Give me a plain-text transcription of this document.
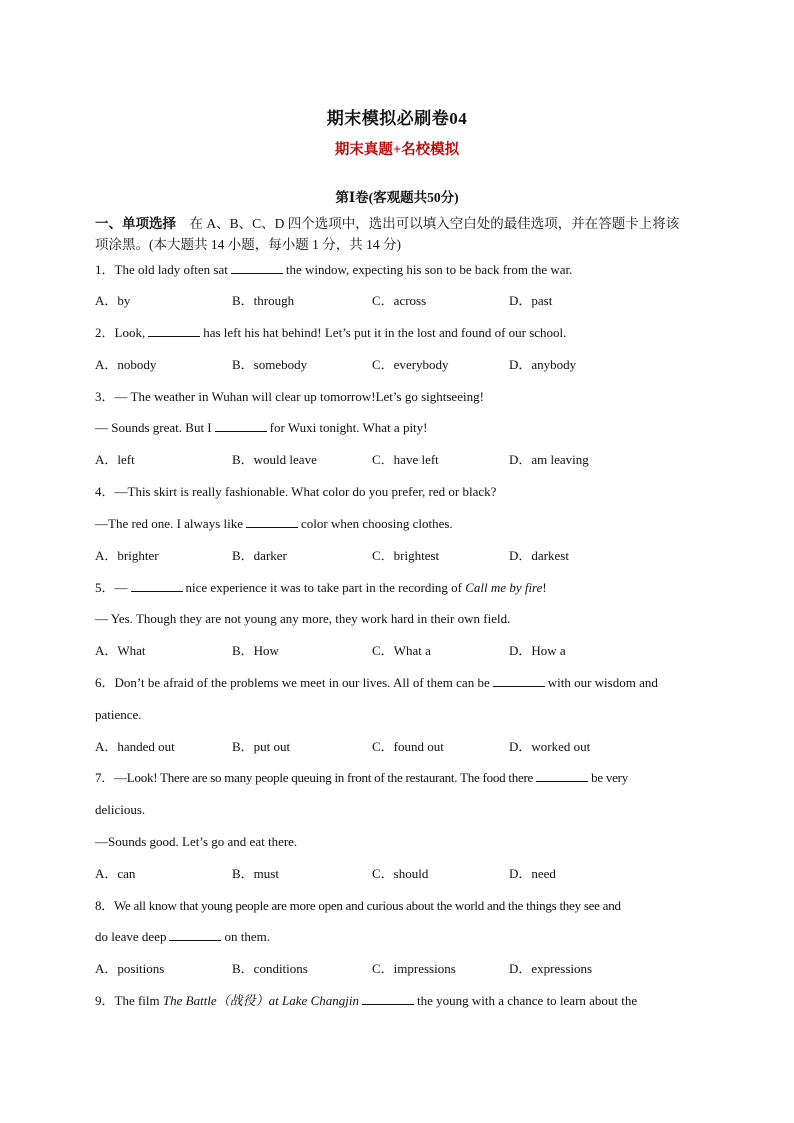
期末模拟必刷卷04
期末真题+名校模拟
第Ⅰ卷(客观题共50分)
一、单项选择 在 A、B、C、D 四个选项中，选出可以填入空白处的最佳选项，并在答题卡上将该
项涂黑。(本大题共 14 小题，每小题 1 分，共 14 分)
1．The old lady often sat	the window, expecting his son to be back from the war.
A．by	B．through	C．across	D．past
2．Look,	has left his hat behind! Let’s put it in the lost and found of our school.
A．nobody	B．somebody	C．everybody	D．anybody
3．— The weather in Wuhan will clear up tomorrow!Let’s go sightseeing!
— Sounds great. But I	for Wuxi tonight. What a pity!
A．left	B．would leave	C．have left	D．am leaving
4．—This skirt is really fashionable. What color do you prefer, red or black?
—The red one. I always like	color when choosing clothes.
A．brighter	B．darker	C．brightest	D．darkest
5．—	nice experience it was to take part in the recording of Call me by fire!
— Yes. Though they are not young any more, they work hard in their own field.
A．What	B．How	C．What a	D．How a
6．Don’t be afraid of the problems we meet in our lives. All of them can be	with our wisdom and
patience.
A．handed out	B．put out	C．found out	D．worked out
7．—Look! There are so many people queuing in front of the restaurant. The food there	be very
delicious.
—Sounds good. Let’s go and eat there.
A．can	B．must	C．should	D．need
8．We all know that young people are more open and curious about the world and the things they see and
do leave deep	on them.
A．positions	B．conditions	C．impressions	D．expressions
9．The film The Battle（战役）at Lake Changjin	the young with a chance to learn about the
